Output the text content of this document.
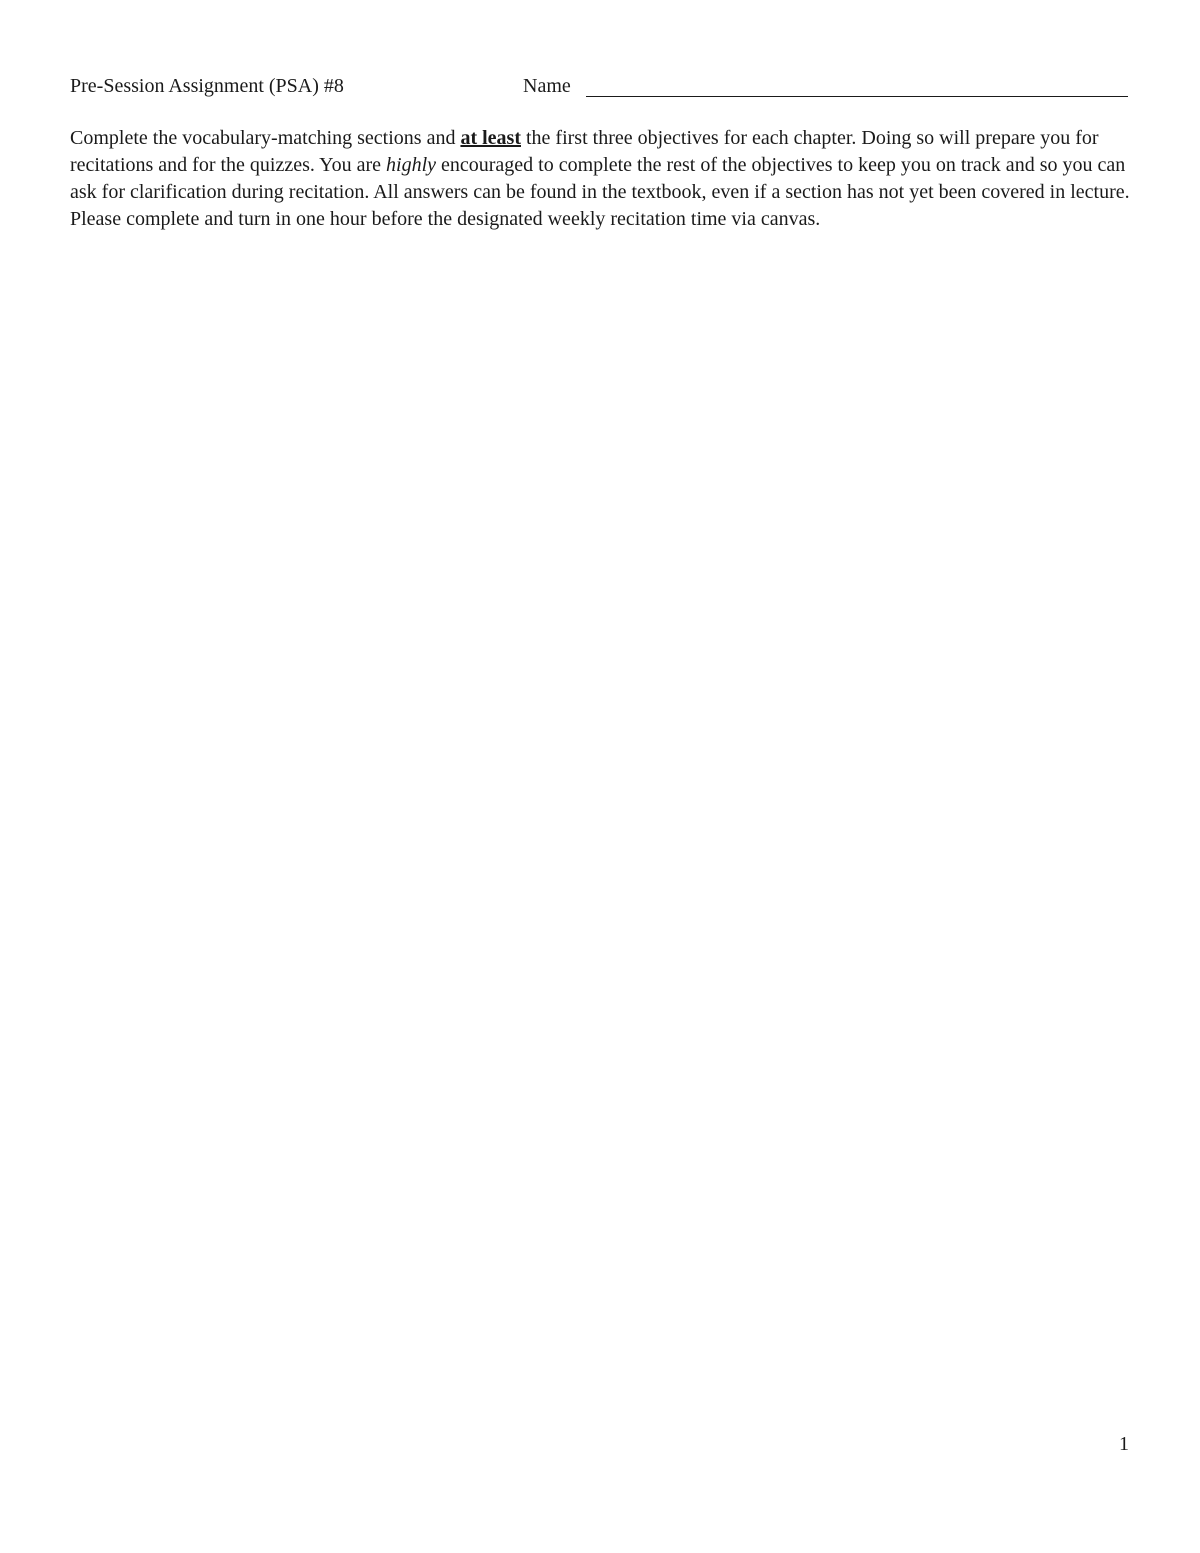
Pre-Session Assignment (PSA) #8	Name

Complete the vocabulary-matching sections and at least the first three objectives for each chapter. Doing so will prepare you for recitations and for the quizzes. You are highly encouraged to complete the rest of the objectives to keep you on track and so you can ask for clarification during recitation. All answers can be found in the textbook, even if a section has not yet been covered in lecture. Please complete and turn in one hour before the designated weekly recitation time via canvas.

1
